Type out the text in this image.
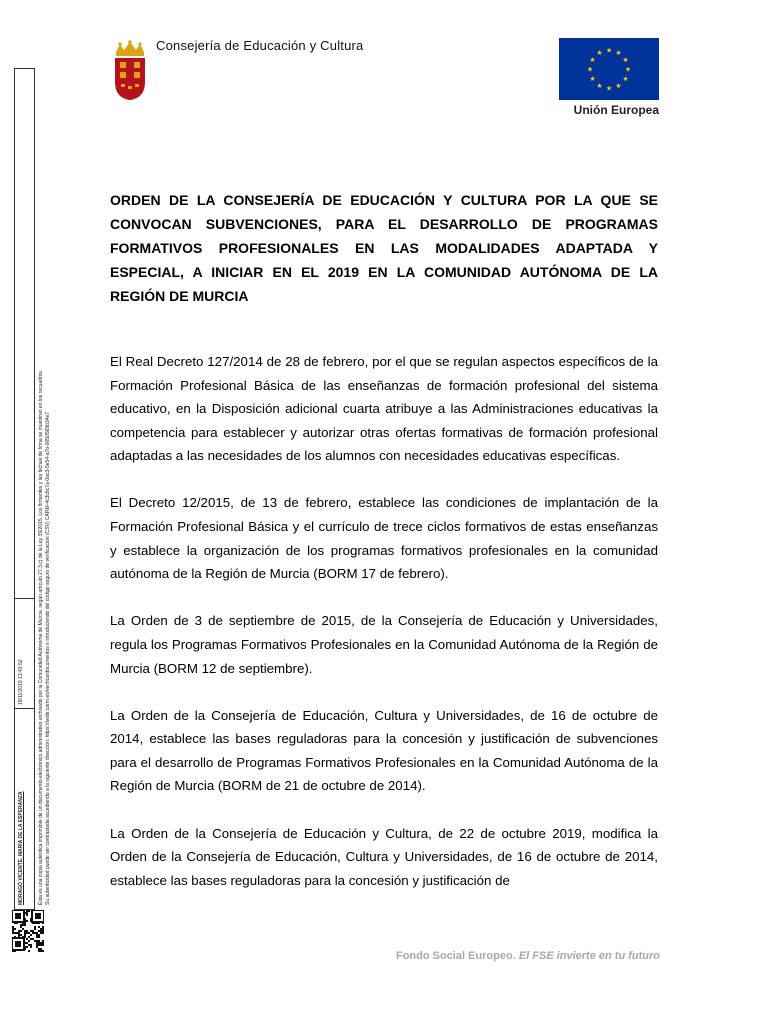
Consejería de Educación y Cultura	★ ★
★
★
★
★
★
★
★
★
★
★
Unión Europea
ORDEN DE LA CONSEJERÍA DE EDUCACIÓN Y CULTURA POR LA QUE SE
CONVOCAN SUBVENCIONES, PARA EL DESARROLLO DE PROGRAMAS
FORMATIVOS PROFESIONALES EN LAS MODALIDADES ADAPTADA Y
ESPECIAL, A INICIAR EN EL 2019 EN LA COMUNIDAD AUTÓNOMA DE LA
REGIÓN DE MURCIA

El Real Decreto 127/2014 de 28 de febrero, por el que se regulan aspectos específicos de la Formación Profesional Básica de las enseñanzas de formación profesional del sistema educativo, en la Disposición adicional cuarta atribuye a las Administraciones educativas la competencia para establecer y autorizar otras ofertas formativas de formación profesional adaptadas a las necesidades de los alumnos con necesidades educativas específicas.

El Decreto 12/2015, de 13 de febrero, establece las condiciones de implantación de la Formación Profesional Básica y el currículo de trece ciclos formativos de estas enseñanzas y establece la organización de los programas formativos profesionales en la comunidad autónoma de la Región de Murcia (BORM 17 de febrero).

La Orden de 3 de septiembre de 2015, de la Consejería de Educación y Universidades, regula los Programas Formativos Profesionales en la Comunidad Autónoma de la Región de Murcia (BORM 12 de septiembre).

La Orden de la Consejería de Educación, Cultura y Universidades, de 16 de octubre de 2014, establece las bases reguladoras para la concesión y justificación de subvenciones para el desarrollo de Programas Formativos Profesionales en la Comunidad Autónoma de la Región de Murcia (BORM de 21 de octubre de 2014).

La Orden de la Consejería de Educación y Cultura, de 22 de octubre 2019, modifica la Orden de la Consejería de Educación, Cultura y Universidades, de 16 de octubre de 2014, establece las bases reguladoras para la concesión y justificación de

Fondo Social Europeo. El FSE invierte en tu futuro
MORAGÓ VICENTE, MARÍA DE LA ESPERANZA
19/11/2019 13:43:52	Esta es una copia auténtica imprimible de un documento electrónico administrativo archivado por la Comunidad Autónoma de Murcia, según artículo 27.3.c) de la Ley 39/2015. Los firmantes y las fechas de firma se muestran en los recuadros. Su autenticidad puede ser contrastada accediendo a la siguiente dirección: https://sede.carm.es/verificardocumentos e introduciendo del código seguro de verificación (CSV) CARM-4c3c8c7a-0ac3-5e54-a7b-0050569b34e7
